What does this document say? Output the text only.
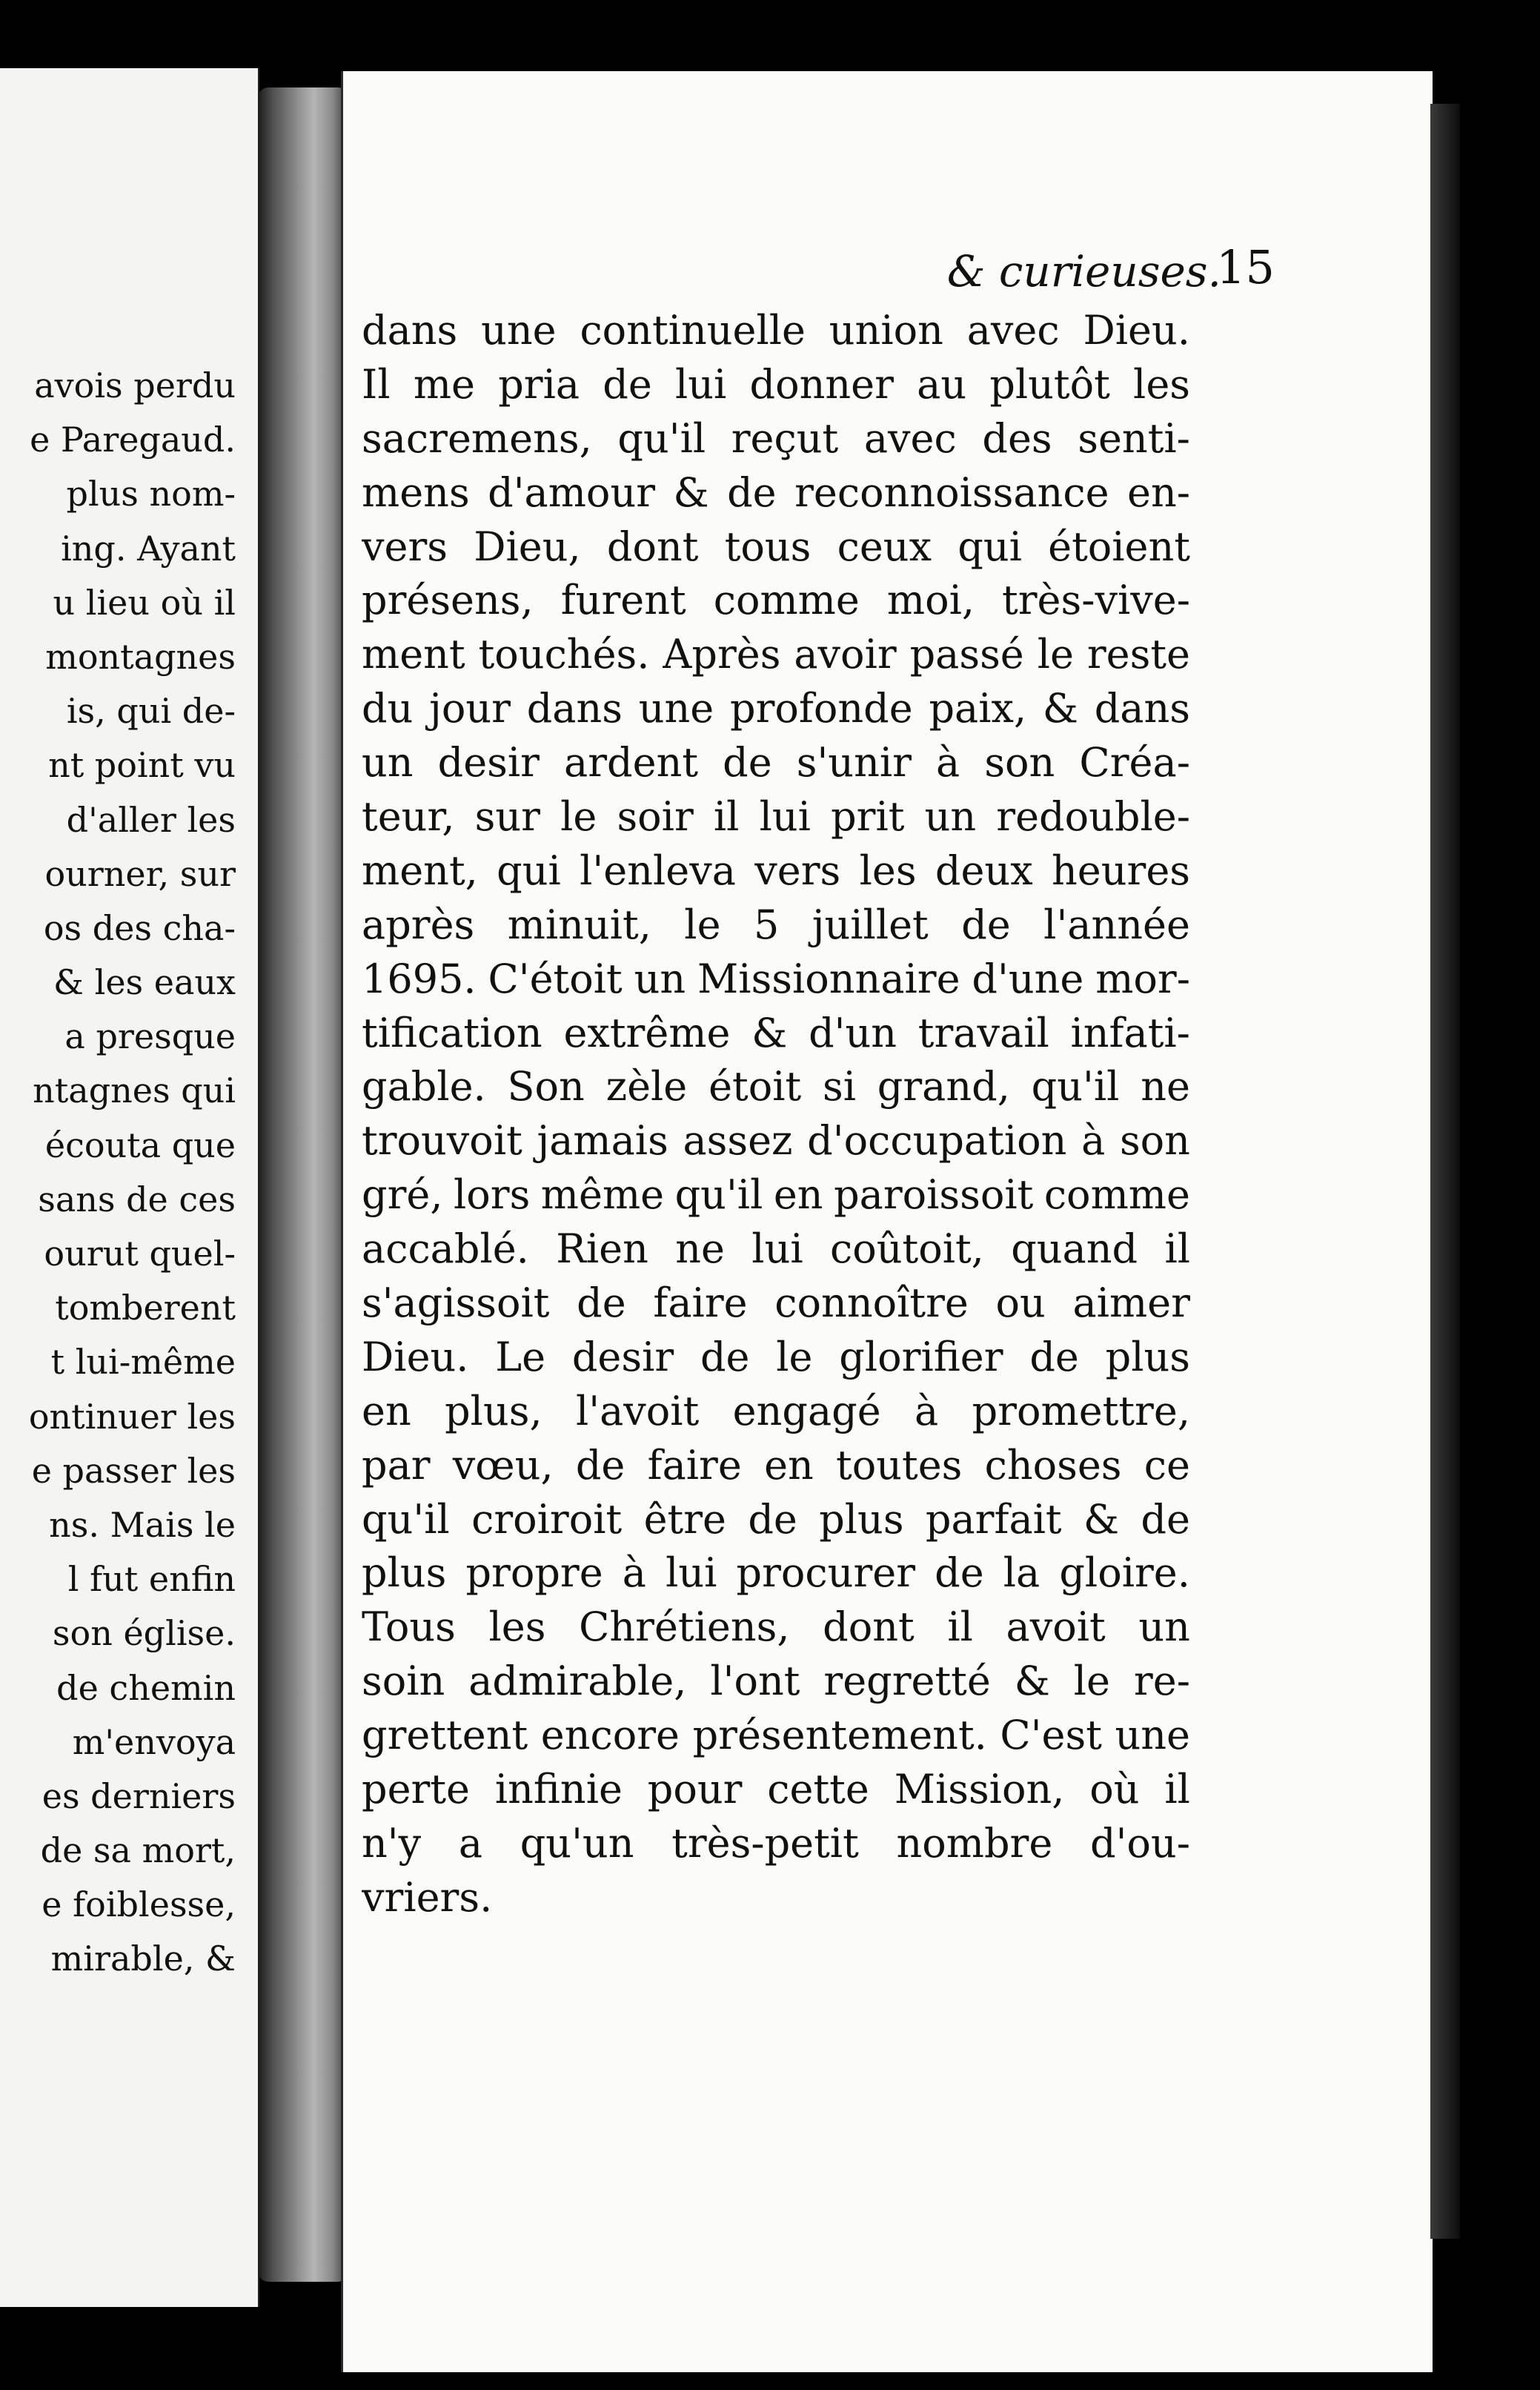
avois perdu
e Paregaud.
plus nom-
ing. Ayant
u lieu où il
montagnes
is, qui de-
nt point vu
d'aller les
ourner, sur
os des cha-
& les eaux
a presque
ntagnes qui
écouta que
sans de ces
ourut quel-
tomberent
t lui-même
ontinuer les
e passer les
ns. Mais le
l fut enfin
son église.
de chemin
m'envoya
es derniers
de sa mort,
e foiblesse,
mirable, &
& curieuses.
15
dans une continuelle union avec Dieu.
Il me pria de lui donner au plutôt les
sacremens, qu'il reçut avec des senti-
mens d'amour & de reconnoissance en-
vers Dieu, dont tous ceux qui étoient
présens, furent comme moi, très-vive-
ment touchés. Après avoir passé le reste
du jour dans une profonde paix, & dans
un desir ardent de s'unir à son Créa-
teur, sur le soir il lui prit un redouble-
ment, qui l'enleva vers les deux heures
après minuit, le 5 juillet de l'année
1695. C'étoit un Missionnaire d'une mor-
tification extrême & d'un travail infati-
gable. Son zèle étoit si grand, qu'il ne
trouvoit jamais assez d'occupation à son
gré, lors même qu'il en paroissoit comme
accablé. Rien ne lui coûtoit, quand il
s'agissoit de faire connoître ou aimer
Dieu. Le desir de le glorifier de plus
en plus, l'avoit engagé à promettre,
par vœu, de faire en toutes choses ce
qu'il croiroit être de plus parfait & de
plus propre à lui procurer de la gloire.
Tous les Chrétiens, dont il avoit un
soin admirable, l'ont regretté & le re-
grettent encore présentement. C'est une
perte infinie pour cette Mission, où il
n'y a qu'un très-petit nombre d'ou-
vriers.
